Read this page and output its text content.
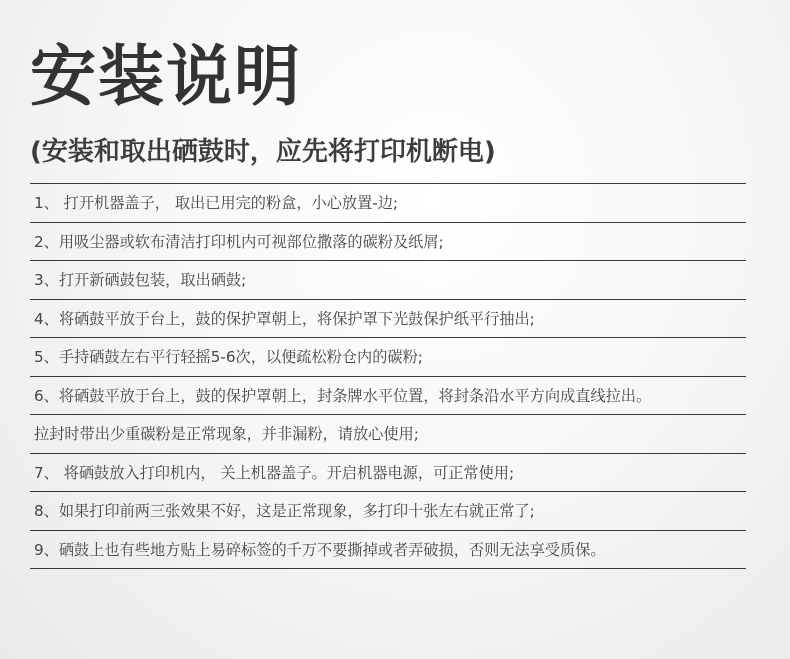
安装说明
(安装和取出硒鼓时，应先将打印机断电)
1、 打开机器盖子， 取出已用完的粉盒，小心放置-边;
2、用吸尘器或软布清洁打印机内可视部位撒落的碳粉及纸屑;
3、打开新硒鼓包装，取出硒鼓;
4、将硒鼓平放于台上，鼓的保护罩朝上，将保护罩下光鼓保护纸平行抽出;
5、手持硒鼓左右平行轻摇5-6次，以便疏松粉仓内的碳粉;
6、将硒鼓平放于台上，鼓的保护罩朝上，封条牌水平位置，将封条沿水平方向成直线拉出。
拉封时带出少重碳粉是正常现象，并非漏粉，请放心使用;
7、 将硒鼓放入打印机内， 关上机器盖子。开启机器电源，可正常使用;
8、如果打印前两三张效果不好，这是正常现象，多打印十张左右就正常了;
9、硒鼓上也有些地方贴上易碎标签的千万不要撕掉或者弄破损，否则无法享受质保。
